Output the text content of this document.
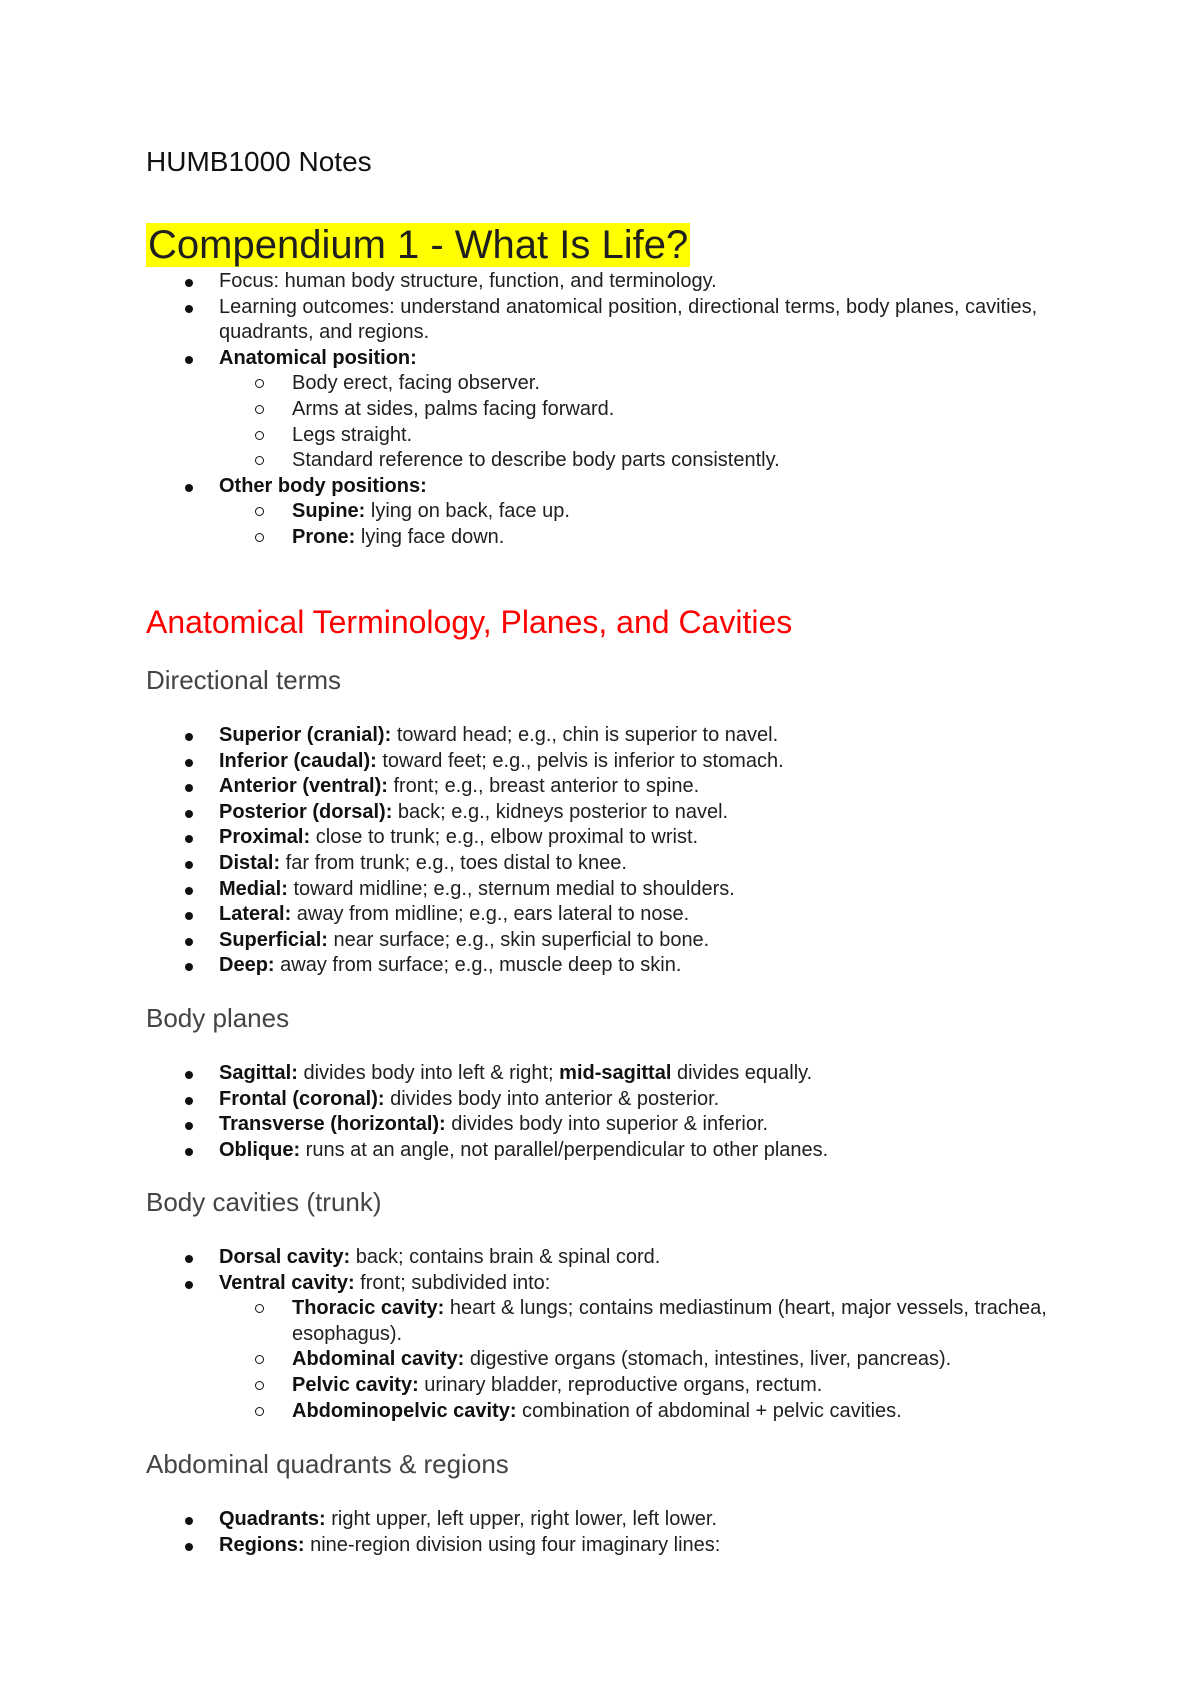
HUMB1000 Notes
Compendium 1 - What Is Life?
Focus: human body structure, function, and terminology.
Learning outcomes: understand anatomical position, directional terms, body planes, cavities, quadrants, and regions.
Anatomical position:
Body erect, facing observer.
Arms at sides, palms facing forward.
Legs straight.
Standard reference to describe body parts consistently.
Other body positions:
Supine: lying on back, face up.
Prone: lying face down.
Anatomical Terminology, Planes, and Cavities
Directional terms
Superior (cranial): toward head; e.g., chin is superior to navel.
Inferior (caudal): toward feet; e.g., pelvis is inferior to stomach.
Anterior (ventral): front; e.g., breast anterior to spine.
Posterior (dorsal): back; e.g., kidneys posterior to navel.
Proximal: close to trunk; e.g., elbow proximal to wrist.
Distal: far from trunk; e.g., toes distal to knee.
Medial: toward midline; e.g., sternum medial to shoulders.
Lateral: away from midline; e.g., ears lateral to nose.
Superficial: near surface; e.g., skin superficial to bone.
Deep: away from surface; e.g., muscle deep to skin.
Body planes
Sagittal: divides body into left & right; mid-sagittal divides equally.
Frontal (coronal): divides body into anterior & posterior.
Transverse (horizontal): divides body into superior & inferior.
Oblique: runs at an angle, not parallel/perpendicular to other planes.
Body cavities (trunk)
Dorsal cavity: back; contains brain & spinal cord.
Ventral cavity: front; subdivided into:
Thoracic cavity: heart & lungs; contains mediastinum (heart, major vessels, trachea, esophagus).
Abdominal cavity: digestive organs (stomach, intestines, liver, pancreas).
Pelvic cavity: urinary bladder, reproductive organs, rectum.
Abdominopelvic cavity: combination of abdominal + pelvic cavities.
Abdominal quadrants & regions
Quadrants: right upper, left upper, right lower, left lower.
Regions: nine-region division using four imaginary lines:
